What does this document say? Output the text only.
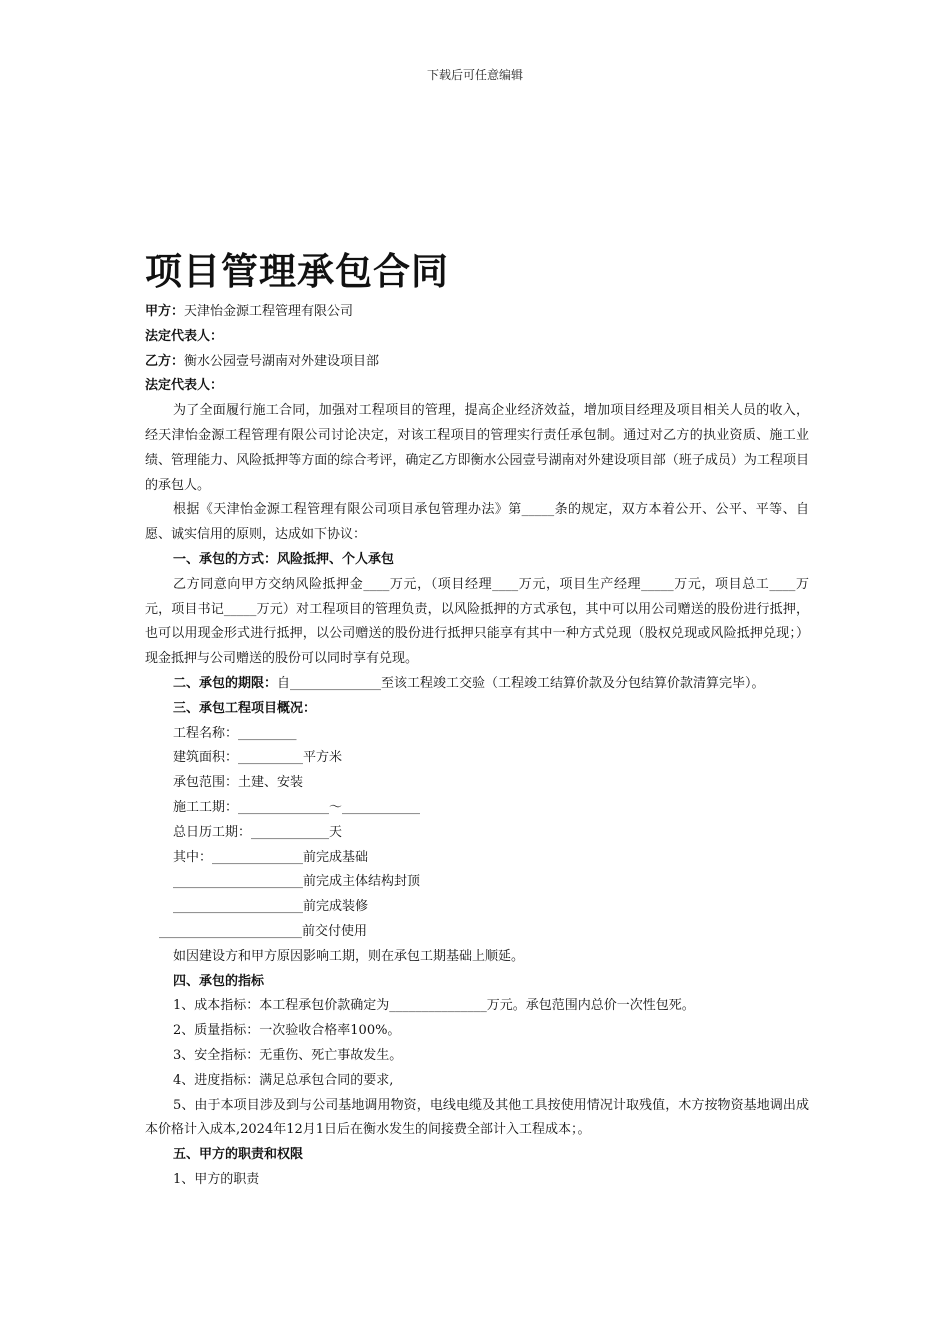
下载后可任意编辑
项目管理承包合同

甲方：天津怡金源工程管理有限公司

法定代表人：

乙方：衡水公园壹号湖南对外建设项目部

法定代表人：

为了全面履行施工合同，加强对工程项目的管理，提高企业经济效益，增加项目经理及项目相关人员的收入，经天津怡金源工程管理有限公司讨论决定，对该工程项目的管理实行责任承包制。通过对乙方的执业资质、施工业绩、管理能力、风险抵押等方面的综合考评，确定乙方即衡水公园壹号湖南对外建设项目部（班子成员）为工程项目的承包人。

根据《天津怡金源工程管理有限公司项目承包管理办法》第_____条的规定，双方本着公开、公平、平等、自愿、诚实信用的原则，达成如下协议：

一、承包的方式：风险抵押、个人承包

乙方同意向甲方交纳风险抵押金____万元，（项目经理____万元，项目生产经理_____万元，项目总工____万元，项目书记_____万元）对工程项目的管理负责，以风险抵押的方式承包，其中可以用公司赠送的股份进行抵押，也可以用现金形式进行抵押，以公司赠送的股份进行抵押只能享有其中一种方式兑现（股权兑现或风险抵押兑现；）现金抵押与公司赠送的股份可以同时享有兑现。

二、承包的期限：自______________至该工程竣工交验（工程竣工结算价款及分包结算价款清算完毕）。

三、承包工程项目概况：

工程名称：_________

建筑面积：__________平方米

承包范围：土建、安装

施工工期：______________～____________

总日历工期：____________天

其中：______________前完成基础

____________________前完成主体结构封顶

____________________前完成装修

______________________前交付使用

如因建设方和甲方原因影响工期，则在承包工期基础上顺延。

四、承包的指标

1、成本指标：本工程承包价款确定为_______________万元。承包范围内总价一次性包死。

2、质量指标：一次验收合格率100%。

3、安全指标：无重伤、死亡事故发生。

4、进度指标：满足总承包合同的要求,

5、由于本项目涉及到与公司基地调用物资，电线电缆及其他工具按使用情况计取残值，木方按物资基地调出成本价格计入成本,2024年12月1日后在衡水发生的间接费全部计入工程成本；。

五、甲方的职责和权限

1、甲方的职责
